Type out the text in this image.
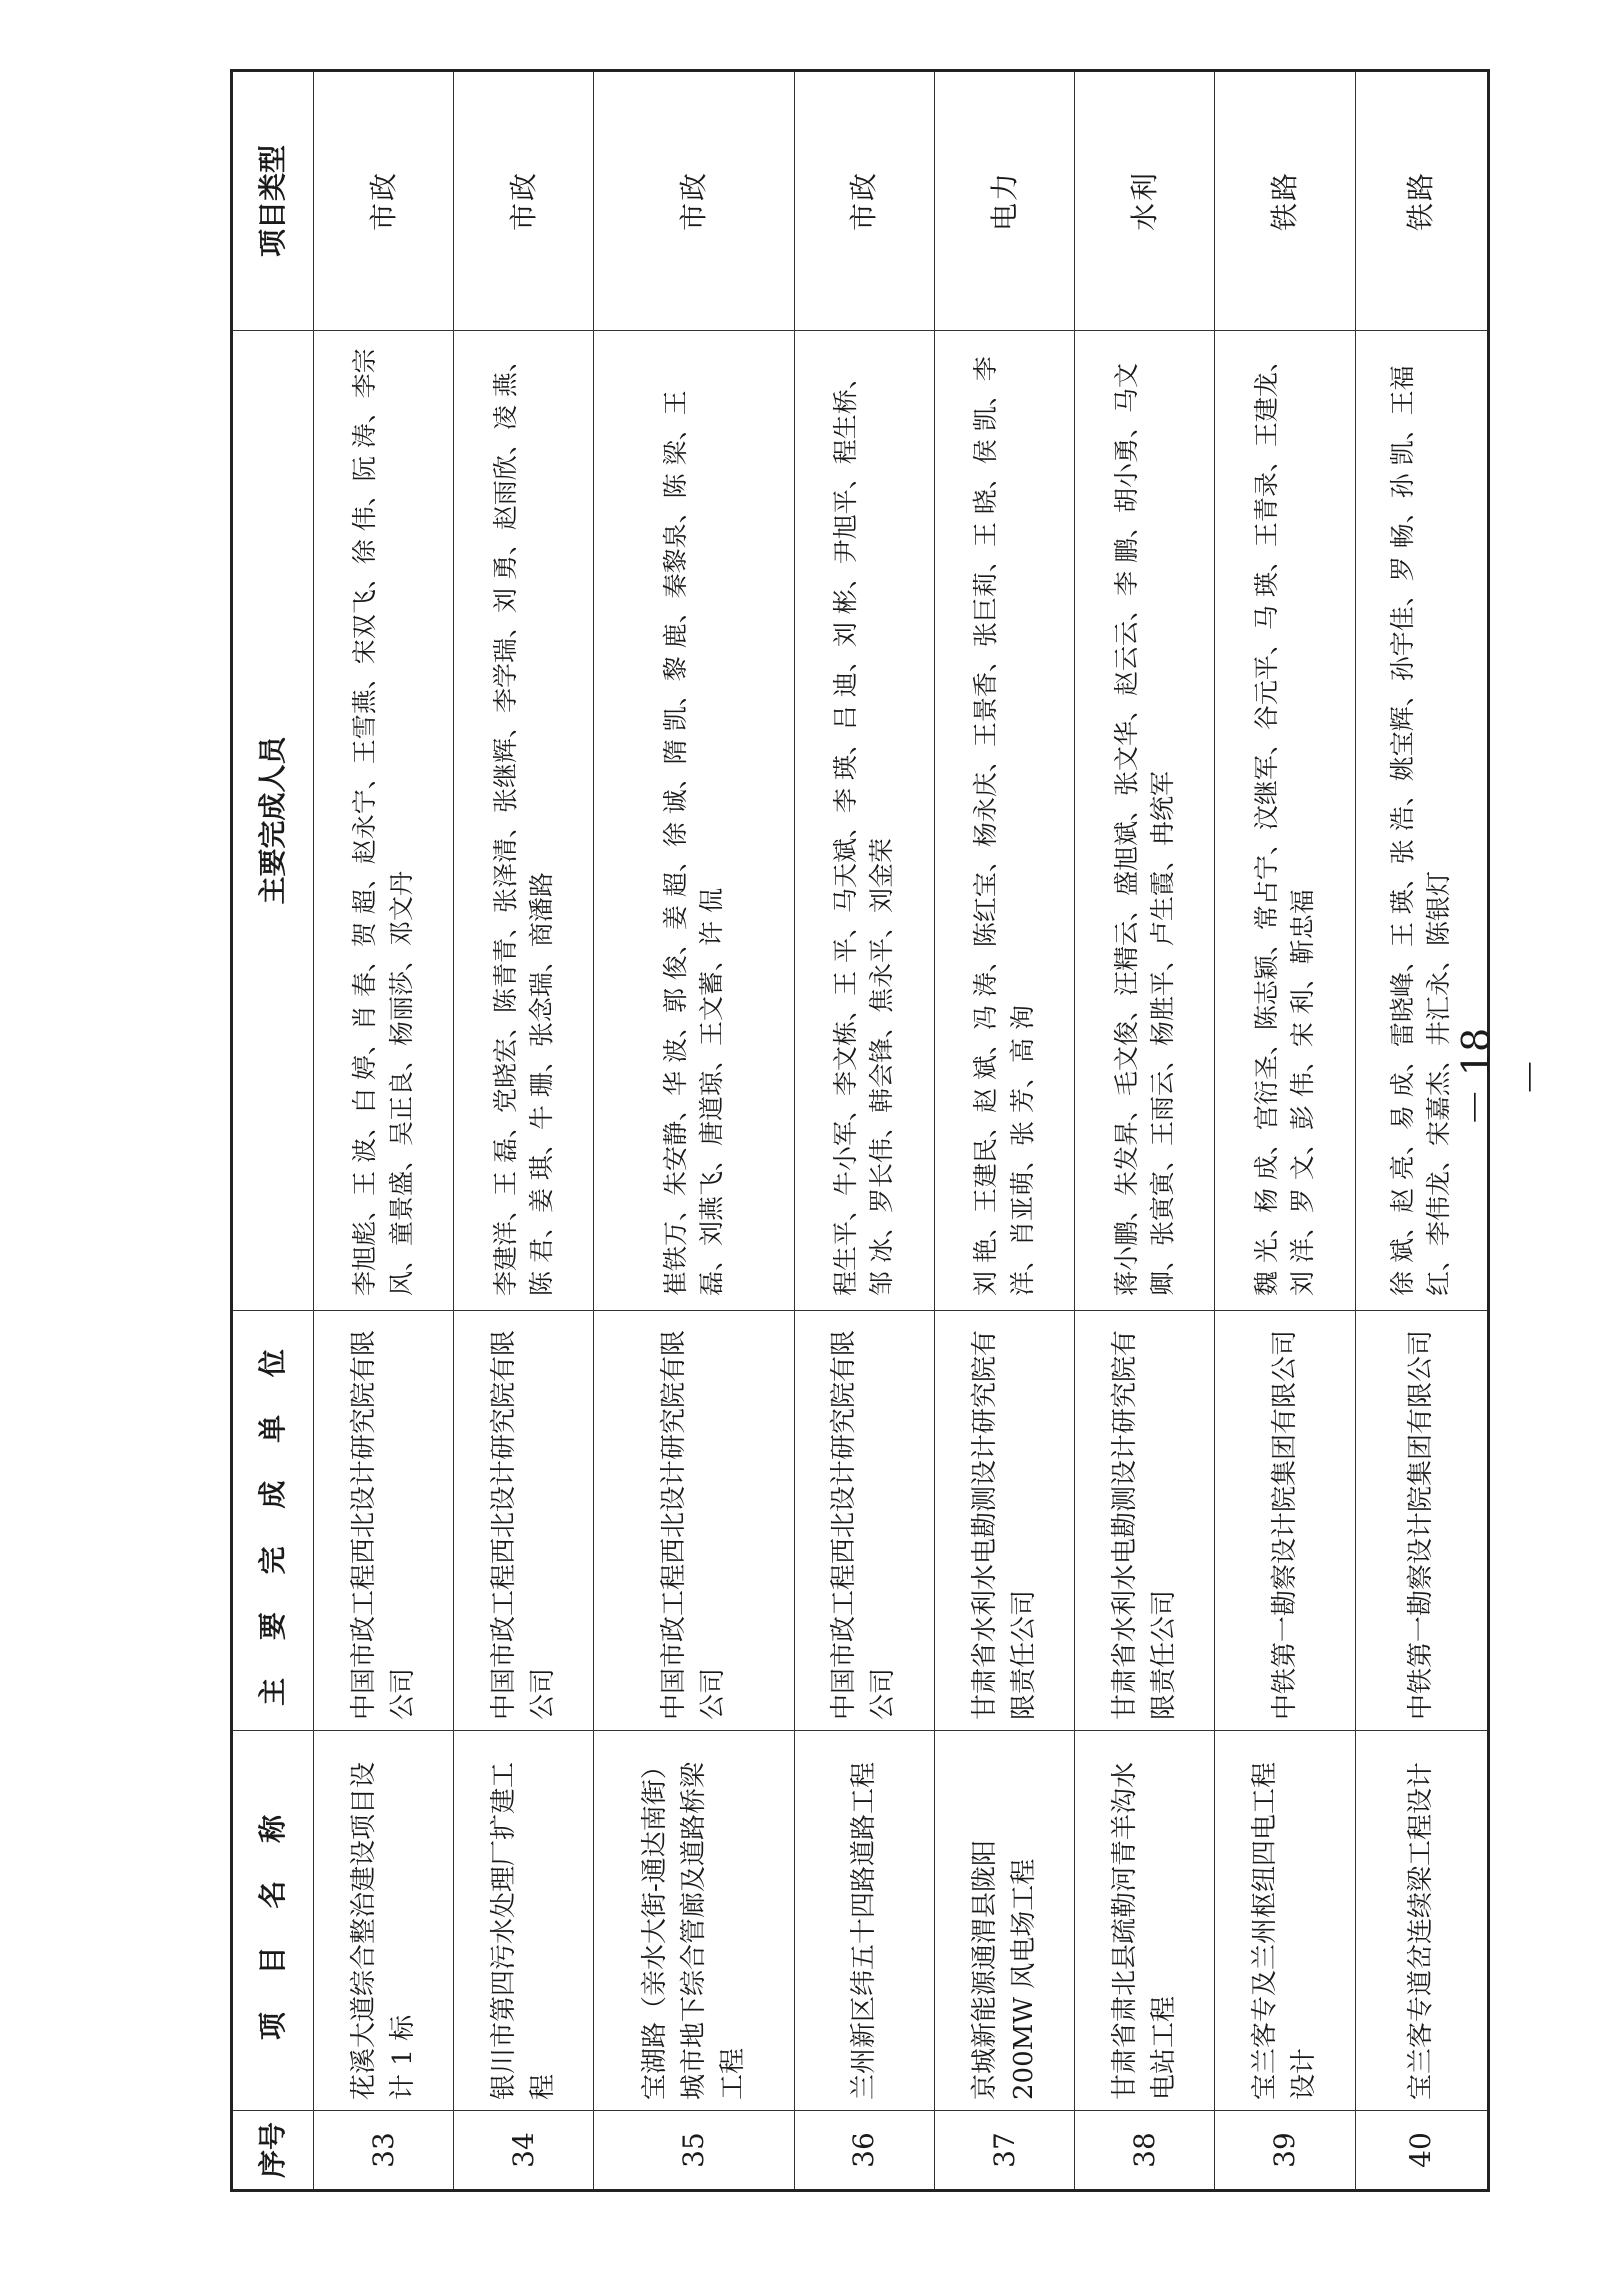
序号	项 目 名 称	主 要 完 成 单 位	主要完成人员	项目类型
33	花溪大道综合整治建设项目设计 1 标	中国市政工程西北设计研究院有限公司	李旭彪、王 波、白 婷、肖 春、贺 超、赵永宁、王雪燕、宋双飞、徐 伟、阮 涛、李宗风、童景盛、吴正良、杨丽莎、邓文丹	市政
34	银川市第四污水处理厂扩建工程	中国市政工程西北设计研究院有限公司	李建洋、王 磊、党晓宏、陈青青、张泽清、张继辉、李学瑞、刘 勇、赵雨欣、凌 燕、陈 君、姜 琪、牛 珊、张念瑞、商潘路	市政
35	宝湖路（亲水大街-通达南街）城市地下综合管廊及道路桥梁工程	中国市政工程西北设计研究院有限公司	崔铁万、朱安静、华 波、郭 俊、姜 超、徐 诚、隋 凯、黎 鹿、秦黎泉、陈 梁、王 磊、刘燕飞、唐道琼、王文蓄、许 侃	市政
36	兰州新区纬五十四路道路工程	中国市政工程西北设计研究院有限公司	程生平、牛小军、李文栋、王 平、马天斌、李 瑛、吕 迪、刘 彬、尹旭平、程生桥、邹 冰、罗长伟、韩会锋、焦永平、刘金荣	市政
37	京城新能源通渭县陇阳 200MW 风电场工程	甘肃省水利水电勘测设计研究院有限责任公司	刘 艳、王建民、赵 斌、冯 涛、陈红宝、杨永庆、王景香、张巨莉、王 晓、侯 凯、李 洋、肖亚萌、张 芳、高 洵	电力
38	甘肃省肃北县疏勒河青羊沟水电站工程	甘肃省水利水电勘测设计研究院有限责任公司	蒋小鹏、朱发昇、毛文俊、汪精云、盛旭斌、张文华、赵云云、李 鹏、胡小勇、马文卿、张寅寅、王雨云、杨胜平、卢生霞、冉统军	水利
39	宝兰客专及兰州枢纽四电工程设计	中铁第一勘察设计院集团有限公司	魏 光、杨 成、宫衍圣、陈志颖、常占宁、汶继军、谷元平、马 瑛、王青录、王建龙、刘 洋、罗 文、彭 伟、宋 利、靳忠福	铁路
40	宝兰客专道岔连续梁工程设计	中铁第一勘察设计院集团有限公司	徐 斌、赵 亮、易 成、雷晓峰、王 瑛、张 浩、姚宝辉、孙宇佳、罗 畅、孙 凯、王福红、李伟龙、宋嘉杰、井汇永、陈银灯	铁路
－ 18 －
